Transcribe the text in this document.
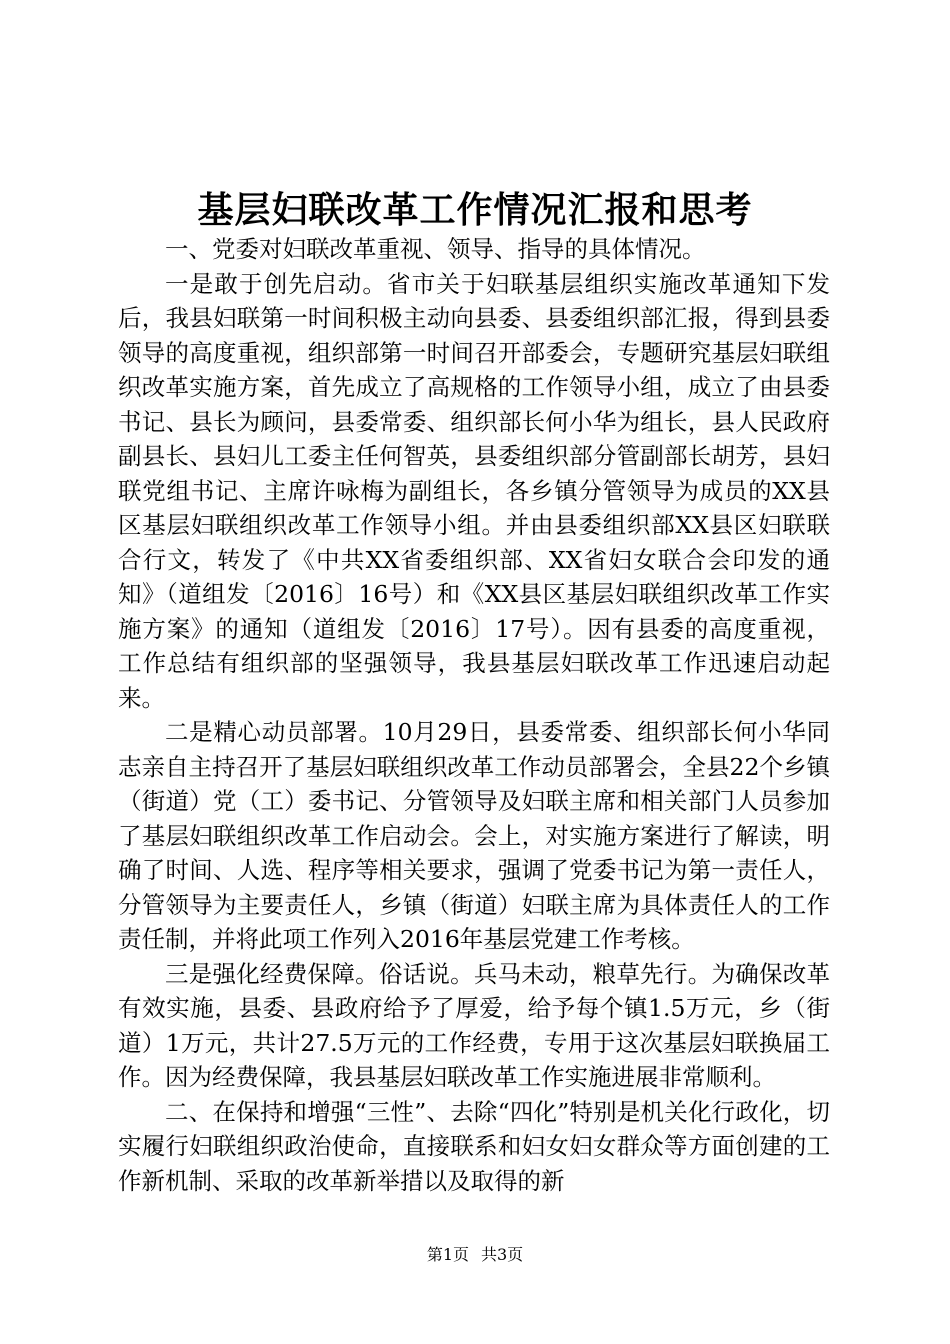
基层妇联改革工作情况汇报和思考

一、党委对妇联改革重视、领导、指导的具体情况。

一是敢于创先启动。省市关于妇联基层组织实施改革通知下发后，我县妇联第一时间积极主动向县委、县委组织部汇报，得到县委领导的高度重视，组织部第一时间召开部委会，专题研究基层妇联组织改革实施方案，首先成立了高规格的工作领导小组，成立了由县委书记、县长为顾问，县委常委、组织部长何小华为组长，县人民政府副县长、县妇儿工委主任何智英，县委组织部分管副部长胡芳，县妇联党组书记、主席许咏梅为副组长，各乡镇分管领导为成员的XX县区基层妇联组织改革工作领导小组。并由县委组织部XX县区妇联联合行文，转发了《中共XX省委组织部、XX省妇女联合会印发的通知》（道组发〔2016〕16号）和《XX县区基层妇联组织改革工作实施方案》的通知（道组发〔2016〕17号）。因有县委的高度重视，工作总结有组织部的坚强领导，我县基层妇联改革工作迅速启动起来。

二是精心动员部署。10月29日，县委常委、组织部长何小华同志亲自主持召开了基层妇联组织改革工作动员部署会，全县22个乡镇（街道）党（工）委书记、分管领导及妇联主席和相关部门人员参加了基层妇联组织改革工作启动会。会上，对实施方案进行了解读，明确了时间、人选、程序等相关要求，强调了党委书记为第一责任人，分管领导为主要责任人，乡镇（街道）妇联主席为具体责任人的工作责任制，并将此项工作列入2016年基层党建工作考核。

三是强化经费保障。俗话说。兵马未动，粮草先行。为确保改革有效实施，县委、县政府给予了厚爱，给予每个镇1.5万元，乡（街道）1万元，共计27.5万元的工作经费，专用于这次基层妇联换届工作。因为经费保障，我县基层妇联改革工作实施进展非常顺利。

二、在保持和增强“三性”、去除“四化”特别是机关化行政化，切实履行妇联组织政治使命，直接联系和妇女妇女群众等方面创建的工作新机制、采取的改革新举措以及取得的新

第1页 共3页
